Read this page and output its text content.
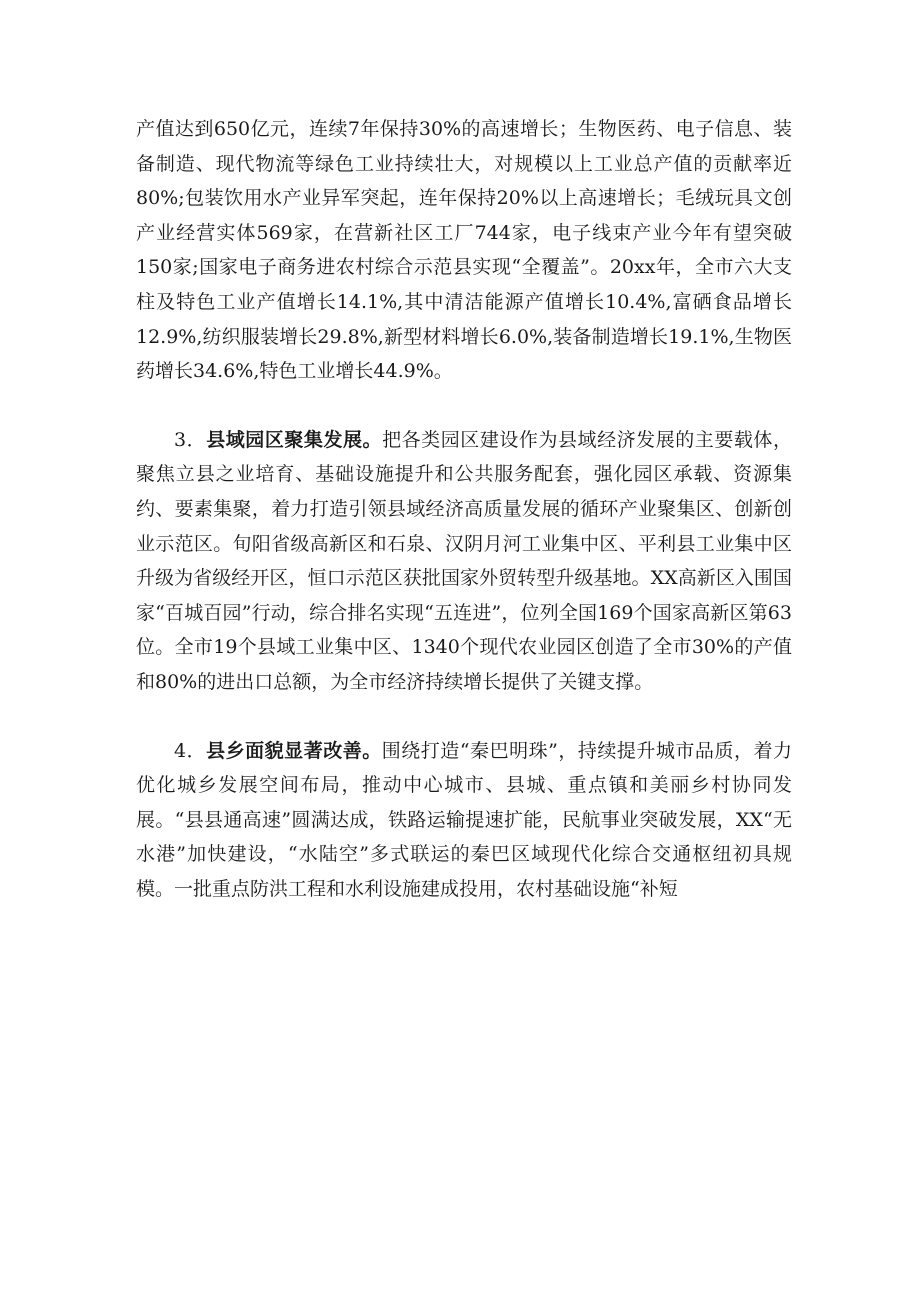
产值达到650亿元，连续7年保持30%的高速增长；生物医药、电子信息、装备制造、现代物流等绿色工业持续壮大，对规模以上工业总产值的贡献率近80%;包装饮用水产业异军突起，连年保持20%以上高速增长；毛绒玩具文创产业经营实体569家，在营新社区工厂744家，电子线束产业今年有望突破150家;国家电子商务进农村综合示范县实现“全覆盖”。20xx年，全市六大支柱及特色工业产值增长14.1%,其中清洁能源产值增长10.4%,富硒食品增长12.9%,纺织服装增长29.8%,新型材料增长6.0%,装备制造增长19.1%,生物医药增长34.6%,特色工业增长44.9%。

3．县域园区聚集发展。把各类园区建设作为县域经济发展的主要载体，聚焦立县之业培育、基础设施提升和公共服务配套，强化园区承载、资源集约、要素集聚，着力打造引领县域经济高质量发展的循环产业聚集区、创新创业示范区。旬阳省级高新区和石泉、汉阴月河工业集中区、平利县工业集中区升级为省级经开区，恒口示范区获批国家外贸转型升级基地。XX高新区入围国家“百城百园”行动，综合排名实现“五连进”，位列全国169个国家高新区第63位。全市19个县域工业集中区、1340个现代农业园区创造了全市30%的产值和80%的进出口总额，为全市经济持续增长提供了关键支撑。

4．县乡面貌显著改善。围绕打造“秦巴明珠”，持续提升城市品质，着力优化城乡发展空间布局，推动中心城市、县城、重点镇和美丽乡村协同发展。“县县通高速”圆满达成，铁路运输提速扩能，民航事业突破发展，XX“无水港”加快建设，“水陆空”多式联运的秦巴区域现代化综合交通枢纽初具规模。一批重点防洪工程和水利设施建成投用，农村基础设施“补短
